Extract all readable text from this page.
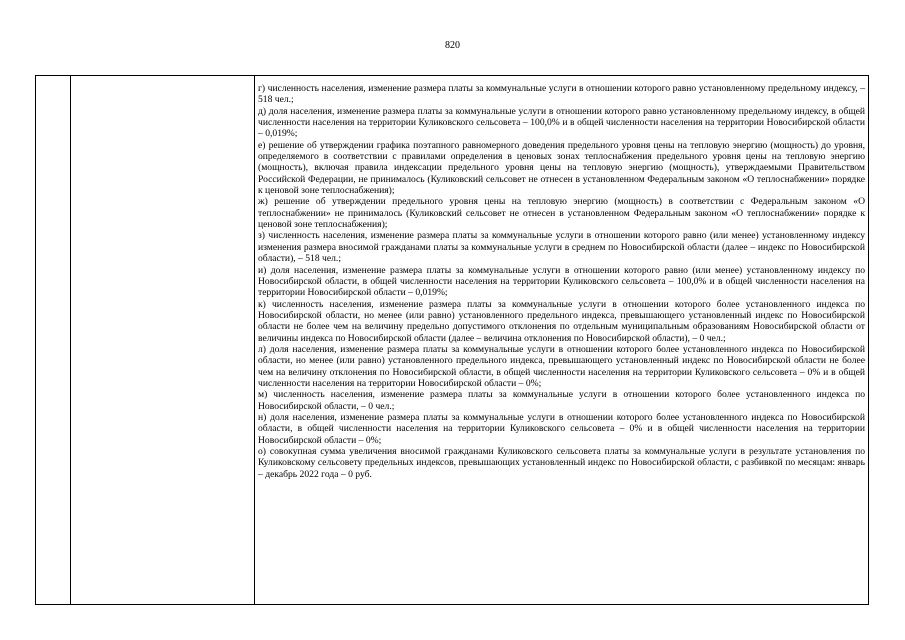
820

г) численность населения, изменение размера платы за коммунальные услуги в отношении которого равно установленному предельному индексу, – 518 чел.;

д) доля населения, изменение размера платы за коммунальные услуги в отношении которого равно установленному предельному индексу, в общей численности населения на территории Куликовского сельсовета – 100,0% и в общей численности населения на территории Новосибирской области – 0,019%;

е) решение об утверждении графика поэтапного равномерного доведения предельного уровня цены на тепловую энергию (мощность) до уровня, определяемого в соответствии с правилами определения в ценовых зонах теплоснабжения предельного уровня цены на тепловую энергию (мощность), включая правила индексации предельного уровня цены на тепловую энергию (мощность), утверждаемыми Правительством Российской Федерации, не принималось (Куликовский сельсовет не отнесен в установленном Федеральным законом «О теплоснабжении» порядке к ценовой зоне теплоснабжения);

ж) решение об утверждении предельного уровня цены на тепловую энергию (мощность) в соответствии с Федеральным законом «О теплоснабжении» не принималось (Куликовский сельсовет не отнесен в установленном Федеральным законом «О теплоснабжении» порядке к ценовой зоне теплоснабжения);

з) численность населения, изменение размера платы за коммунальные услуги в отношении которого равно (или менее) установленному индексу изменения размера вносимой гражданами платы за коммунальные услуги в среднем по Новосибирской области (далее – индекс по Новосибирской области), – 518 чел.;

и) доля населения, изменение размера платы за коммунальные услуги в отношении которого равно (или менее) установленному индексу по Новосибирской области, в общей численности населения на территории Куликовского сельсовета – 100,0% и в общей численности населения на территории Новосибирской области – 0,019%;

к) численность населения, изменение размера платы за коммунальные услуги в отношении которого более установленного индекса по Новосибирской области, но менее (или равно) установленного предельного индекса, превышающего установленный индекс по Новосибирской области не более чем на величину предельно допустимого отклонения по отдельным муниципальным образованиям Новосибирской области от величины индекса по Новосибирской области (далее – величина отклонения по Новосибирской области), – 0 чел.;

л) доля населения, изменение размера платы за коммунальные услуги в отношении которого более установленного индекса по Новосибирской области, но менее (или равно) установленного предельного индекса, превышающего установленный индекс по Новосибирской области не более чем на величину отклонения по Новосибирской области, в общей численности населения на территории Куликовского сельсовета – 0% и в общей численности населения на территории Новосибирской области – 0%;

м) численность населения, изменение размера платы за коммунальные услуги в отношении которого более установленного индекса по Новосибирской области, – 0 чел.;

н) доля населения, изменение размера платы за коммунальные услуги в отношении которого более установленного индекса по Новосибирской области, в общей численности населения на территории Куликовского сельсовета – 0% и в общей численности населения на территории Новосибирской области – 0%;

о) совокупная сумма увеличения вносимой гражданами Куликовского сельсовета платы за коммунальные услуги в результате установления по Куликовскому сельсовету предельных индексов, превышающих установленный индекс по Новосибирской области, с разбивкой по месяцам: январь – декабрь 2022 года – 0 руб.
